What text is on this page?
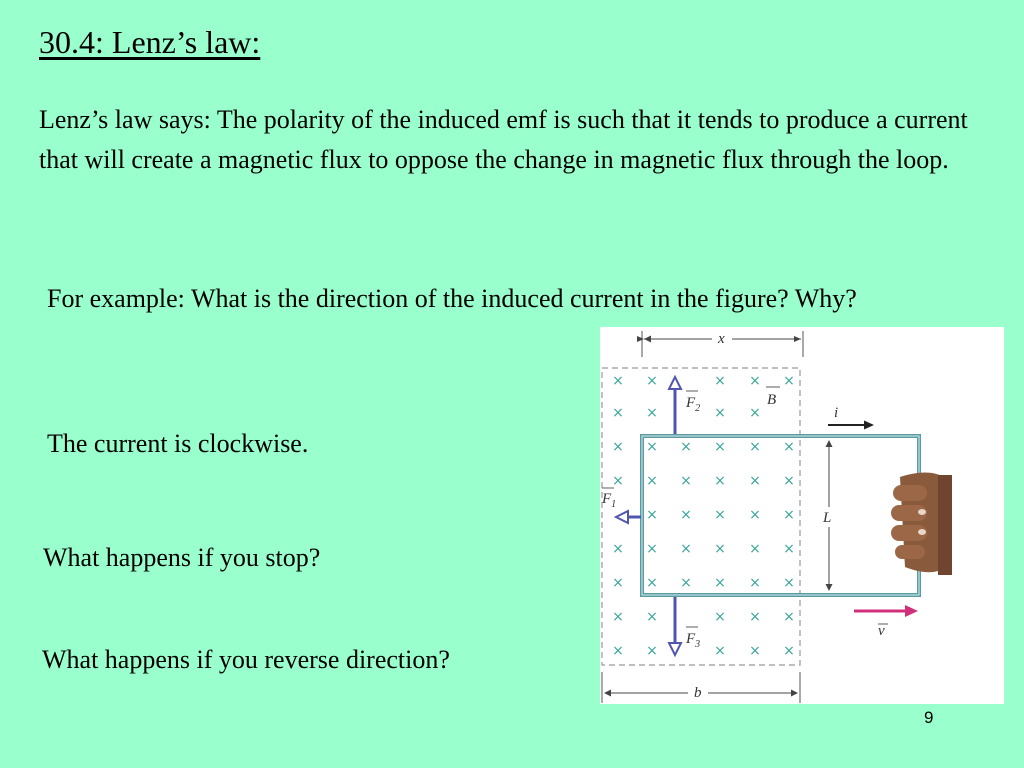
30.4: Lenz’s law:

Lenz’s law says: The polarity of the induced emf is such that it tends to produce a current that will create a magnetic flux to oppose the change in magnetic flux through the loop.

For example: What is the direction of the induced current in the figure? Why?

The current is clockwise.
What happens if you stop?
What happens if you reverse direction?
9
x
b
× ×	× × ×
× ×	× ×
× × × × × ×
× × × × × ×
× × × × ×
× × × × × ×
× × × × × ×
× ×	× × ×
× ×	× × ×
L
i
v
B
$F_2$
$F_3$
$F_1$
